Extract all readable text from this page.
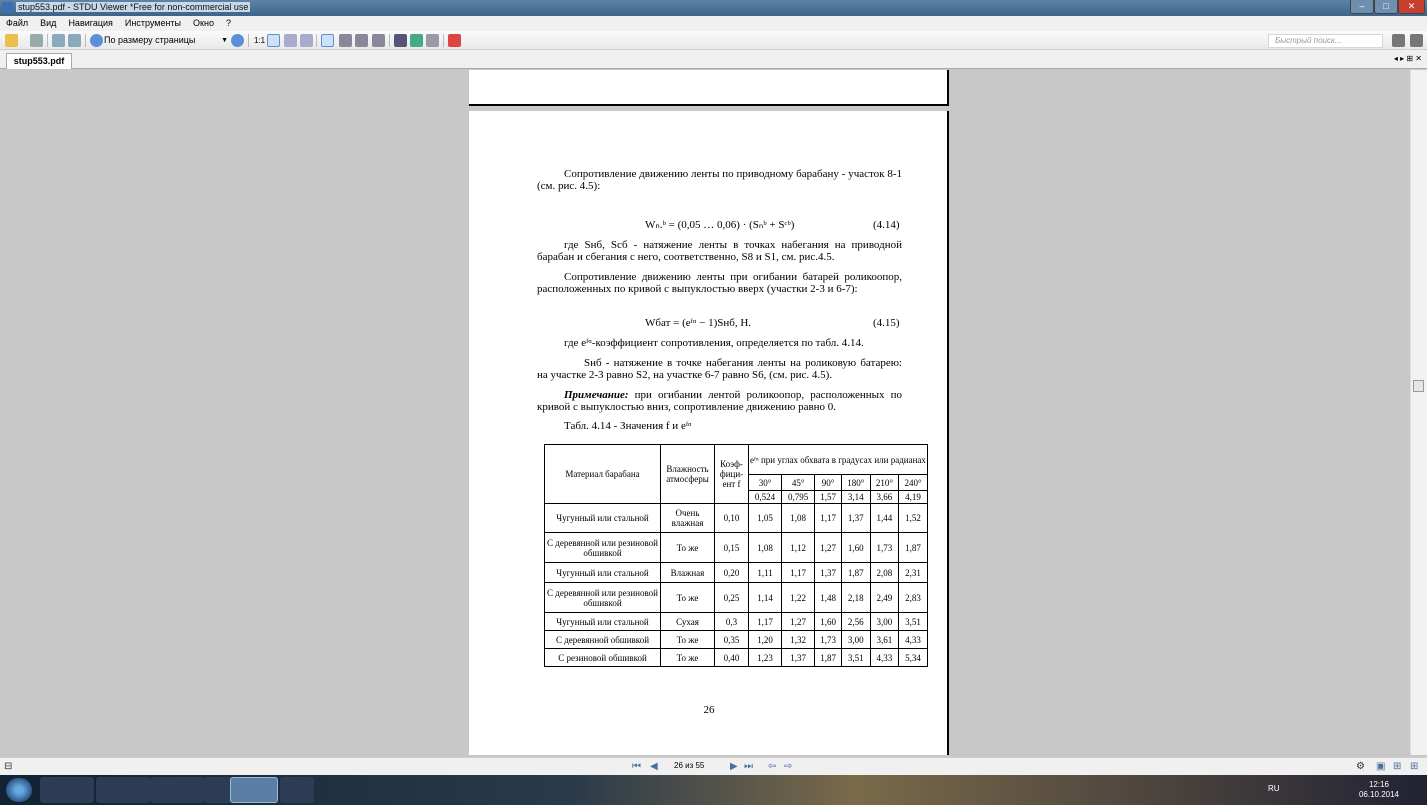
stup553.pdf - STDU Viewer *Free for non-commercial use	–	□	✕
Файл Вид Навигация Инструменты Окно ?
По размеру страницы	▼	1:1	Быстрый поиск...
stup553.pdf	◂ ▸ ⊞ ✕
Сопротивление движению ленты по приводному барабану - участок 8-1 (см. рис. 4.5):
Wₙ.ᵇ = (0,05 … 0,06) · (Sₙᵇ + Sᶜᵇ)	(4.14)
где Sнб, Sсб - натяжение ленты в точках набегания на приводной барабан и сбегания с него, соответственно, S8 и S1, см. рис.4.5.
Сопротивление движению ленты при огибании батарей роликоопор, расположенных по кривой с выпуклостью вверх (участки 2-3 и 6-7):
Wбат = (eᶠᵅ − 1)Sнб, Н.	(4.15)
где eᶠᵅ-коэффициент сопротивления, определяется по табл. 4.14.
Sнб - натяжение в точке набегания ленты на роликовую батарею: на участке 2-3 равно S2, на участке 6-7 равно S6, (см. рис. 4.5).
Примечание: при огибании лентой роликоопор, расположенных по кривой с выпуклостью вниз, сопротивление движению равно 0.
Табл. 4.14 - Значения f и eᶠᵅ
Материал барабана	Влажность атмосферы	Коэф-фици-ент f	eᶠᵅ при углах обхвата в градусах или радианах					
			30°	45°	90°	180°	210°	240°
			0,524	0,795	1,57	3,14	3,66	4,19
Чугунный или стальной	Очень влажная	0,10	1,05	1,08	1,17	1,37	1,44	1,52
С деревянной или резиновой обшивкой	То же	0,15	1,08	1,12	1,27	1,60	1,73	1,87
Чугунный или стальной	Влажная	0,20	1,11	1,17	1,37	1,87	2,08	2,31
С деревянной или резиновой обшивкой	То же	0,25	1,14	1,22	1,48	2,18	2,49	2,83
Чугунный или стальной	Сухая	0,3	1,17	1,27	1,60	2,56	3,00	3,51
С деревянной обшивкой	То же	0,35	1,20	1,32	1,73	3,00	3,61	4,33
С резиновой обшивкой	То же	0,40	1,23	1,37	1,87	3,51	4,33	5,34
26
⊟	⏮ ◀ 26 из 55	▶ ⏭ ⇦ ⇨	⚙ ▣ ⊞ ⊞
RU	12:16
06.10.2014
